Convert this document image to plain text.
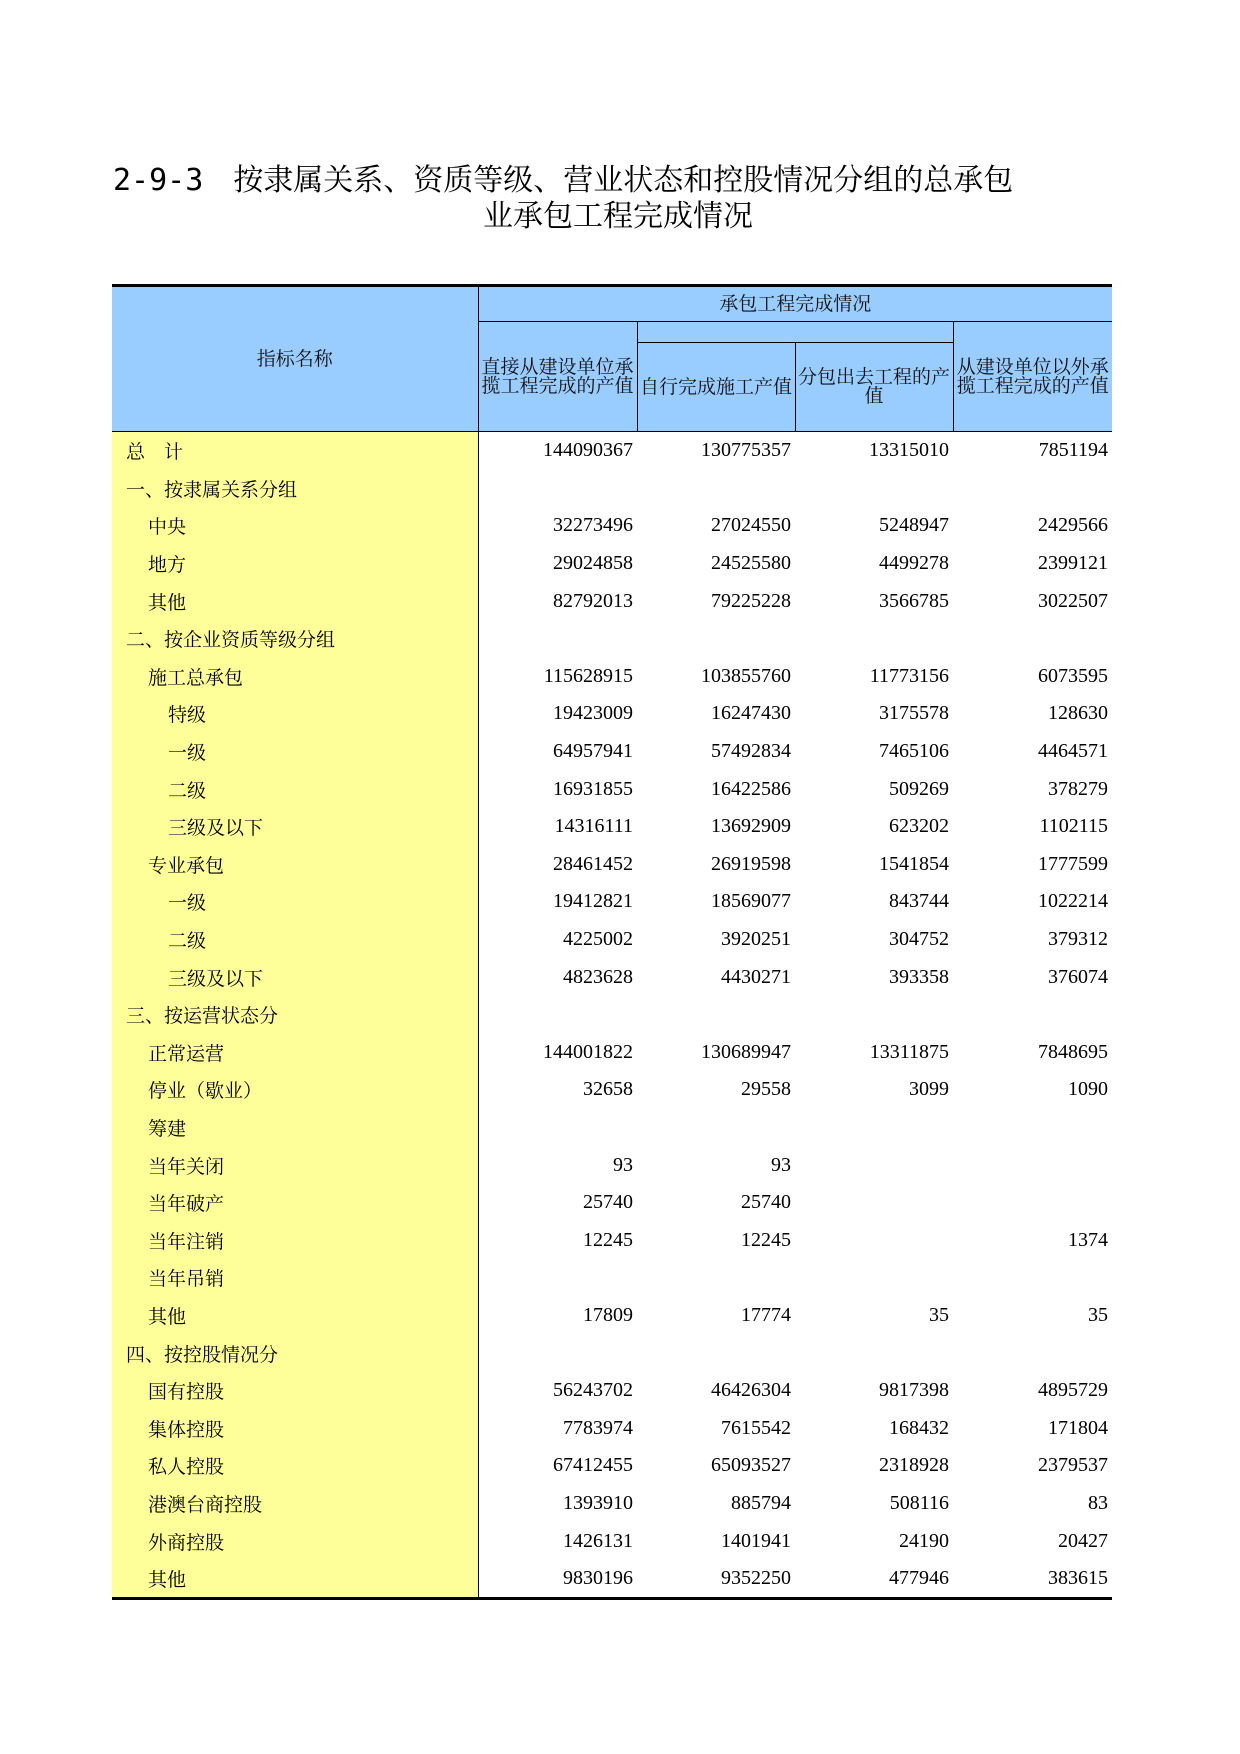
2-9-3 按隶属关系、资质等级、营业状态和控股情况分组的总承包
业承包工程完成情况
指标名称	承包工程完成情况			
	直接从建设单位承揽工程完成的产值			从建设单位以外承揽工程完成的产值
		自行完成施工产值	分包出去工程的产值	
总　计	144090367	130775357	13315010	7851194
一、按隶属关系分组				
中央	32273496	27024550	5248947	2429566
地方	29024858	24525580	4499278	2399121
其他	82792013	79225228	3566785	3022507
二、按企业资质等级分组				
施工总承包	115628915	103855760	11773156	6073595
特级	19423009	16247430	3175578	128630
一级	64957941	57492834	7465106	4464571
二级	16931855	16422586	509269	378279
三级及以下	14316111	13692909	623202	1102115
专业承包	28461452	26919598	1541854	1777599
一级	19412821	18569077	843744	1022214
二级	4225002	3920251	304752	379312
三级及以下	4823628	4430271	393358	376074
三、按运营状态分				
正常运营	144001822	130689947	13311875	7848695
停业（歇业）	32658	29558	3099	1090
筹建				
当年关闭	93	93		
当年破产	25740	25740		
当年注销	12245	12245		1374
当年吊销				
其他	17809	17774	35	35
四、按控股情况分				
国有控股	56243702	46426304	9817398	4895729
集体控股	7783974	7615542	168432	171804
私人控股	67412455	65093527	2318928	2379537
港澳台商控股	1393910	885794	508116	83
外商控股	1426131	1401941	24190	20427
其他	9830196	9352250	477946	383615
